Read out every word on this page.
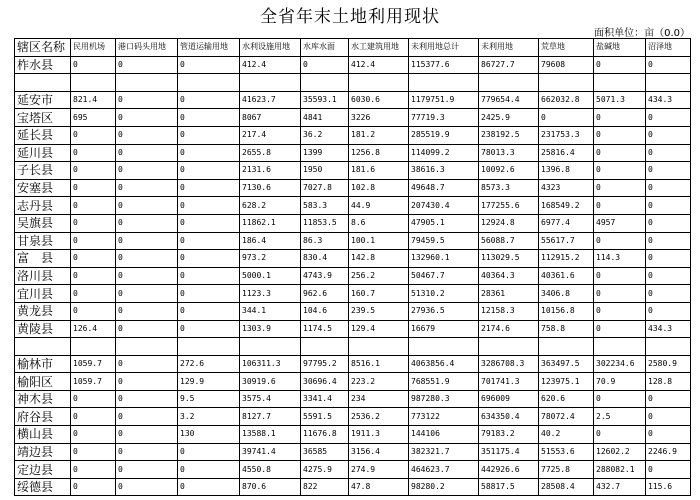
全省年末土地利用现状
面积单位：亩（0.0）
辖区名称	民用机场	港口码头用地	管道运输用地	水利设施用地	水库水面	水工建筑用地	未利用地总计	未利用地	荒草地	盐碱地	沼泽地
柞水县	0	0	0	412.4	0	412.4	115377.6	86727.7	79608	0	0

延安市	821.4	0	0	41623.7	35593.1	6030.6	1179751.9	779654.4	662032.8	5071.3	434.3
宝塔区	695	0	0	8067	4841	3226	77719.3	2425.9	0	0	0
延长县	0	0	0	217.4	36.2	181.2	285519.9	238192.5	231753.3	0	0
延川县	0	0	0	2655.8	1399	1256.8	114099.2	78013.3	25816.4	0	0
子长县	0	0	0	2131.6	1950	181.6	38616.3	10092.6	1396.8	0	0
安塞县	0	0	0	7130.6	7027.8	102.8	49648.7	8573.3	4323	0	0
志丹县	0	0	0	628.2	583.3	44.9	207430.4	177255.6	168549.2	0	0
吴旗县	0	0	0	11862.1	11853.5	8.6	47905.1	12924.8	6977.4	4957	0
甘泉县	0	0	0	186.4	86.3	100.1	79459.5	56088.7	55617.7	0	0
富　县	0	0	0	973.2	830.4	142.8	132960.1	113029.5	112915.2	114.3	0
洛川县	0	0	0	5000.1	4743.9	256.2	50467.7	40364.3	40361.6	0	0
宜川县	0	0	0	1123.3	962.6	160.7	51310.2	28361	3406.8	0	0
黄龙县	0	0	0	344.1	104.6	239.5	27936.5	12158.3	10156.8	0	0
黄陵县	126.4	0	0	1303.9	1174.5	129.4	16679	2174.6	758.8	0	434.3

榆林市	1059.7	0	272.6	106311.3	97795.2	8516.1	4063856.4	3286708.3	363497.5	302234.6	2580.9
榆阳区	1059.7	0	129.9	30919.6	30696.4	223.2	768551.9	701741.3	123975.1	70.9	128.8
神木县	0	0	9.5	3575.4	3341.4	234	987280.3	696009	620.6	0	0
府谷县	0	0	3.2	8127.7	5591.5	2536.2	773122	634350.4	78072.4	2.5	0
横山县	0	0	130	13588.1	11676.8	1911.3	144106	79183.2	40.2	0	0
靖边县	0	0	0	39741.4	36585	3156.4	382321.7	351175.4	51553.6	12602.2	2246.9
定边县	0	0	0	4550.8	4275.9	274.9	464623.7	442926.6	7725.8	288082.1	0
绥德县	0	0	0	870.6	822	47.8	98280.2	58817.5	28508.4	432.7	115.6
